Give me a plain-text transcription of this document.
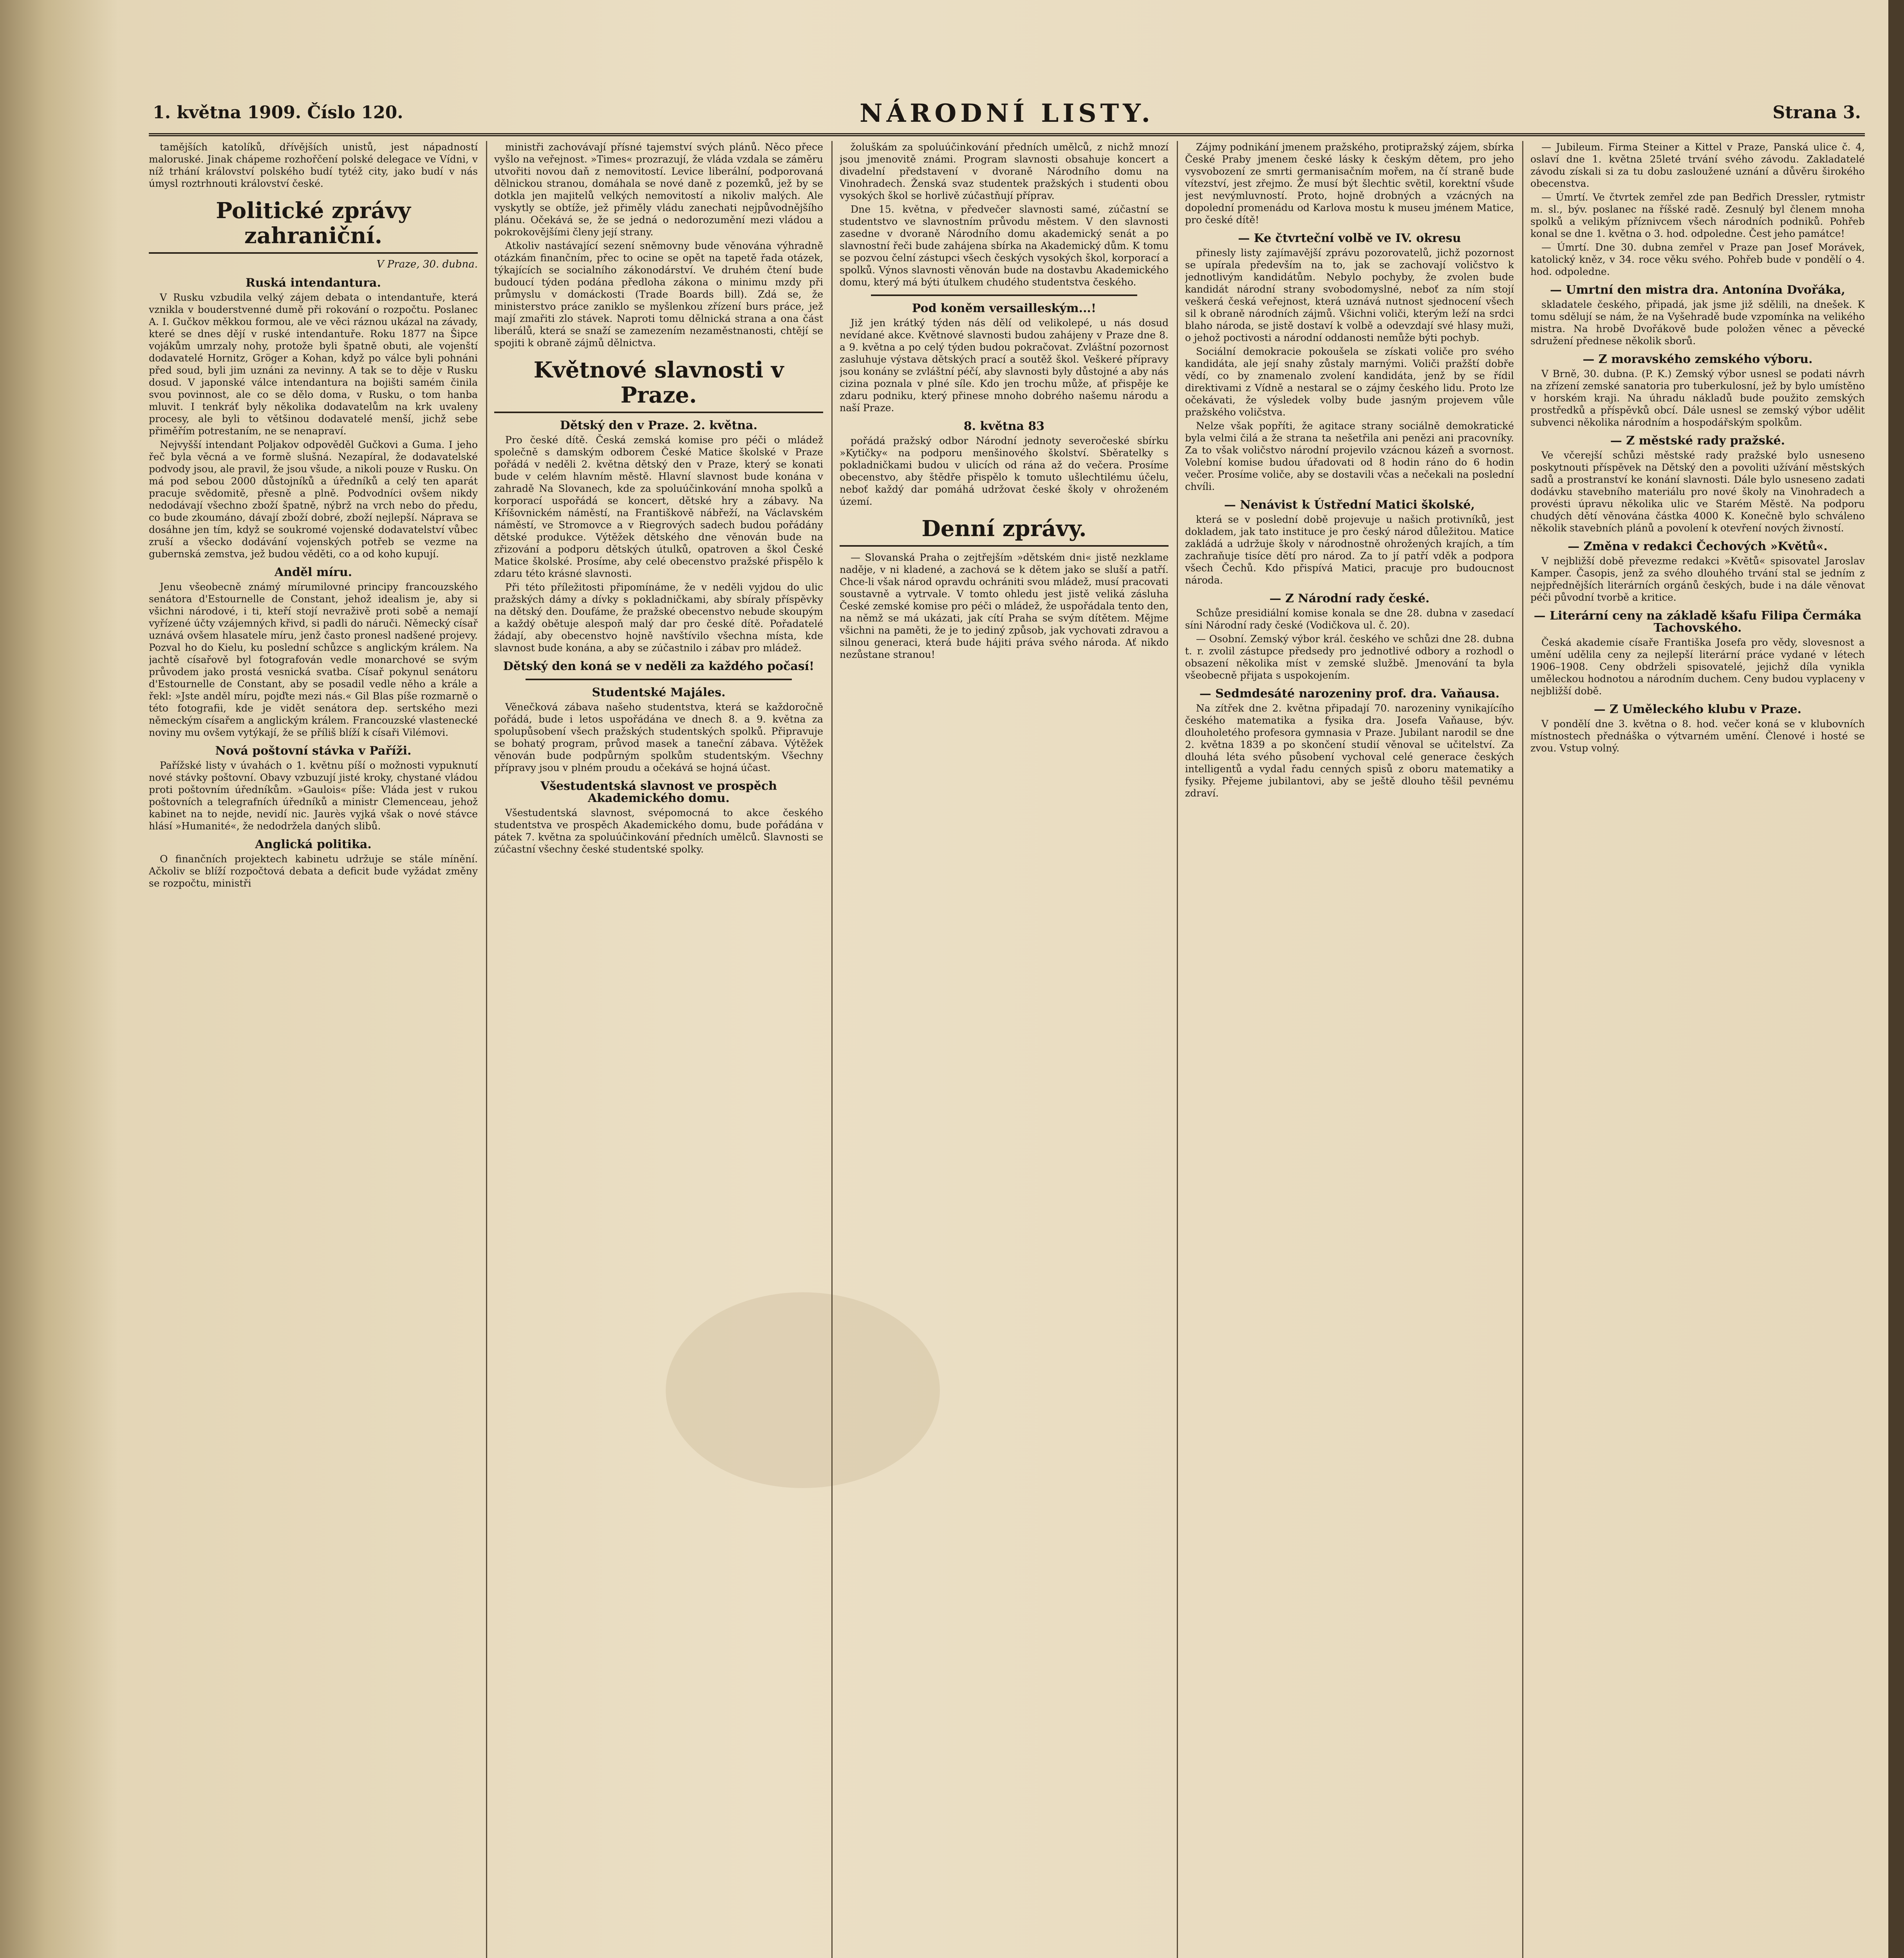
1. května 1909. Číslo 120.	NÁRODNÍ LISTY.	Strana 3.

tamějších katolíků, dřívějších unistů, jest nápadností maloruské. Jinak chápeme rozhořčení polské delegace ve Vídni, v níž trhání království polského budí tytéž city, jako budí v nás úmysl roztrhnouti království české.

Politické zprávy zahraniční.
V Praze, 30. dubna.
Ruská intendantura.

V Rusku vzbudila velký zájem debata o intendantuře, která vznikla v bouderstvenné dumě při rokování o rozpočtu. Poslanec A. I. Gučkov měkkou formou, ale ve věci ráznou ukázal na závady, které se dnes dějí v ruské intendantuře. Roku 1877 na Šipce vojákům umrzaly nohy, protože byli špatně obuti, ale vojenští dodavatelé Hornitz, Gröger a Kohan, když po válce byli pohnáni před soud, byli jim uznáni za nevinny. A tak se to děje v Rusku dosud. V japonské válce intendantura na bojišti samém činila svou povinnost, ale co se dělo doma, v Rusku, o tom hanba mluvit. I tenkráť byly několika dodavatelům na krk uvaleny procesy, ale byli to většinou dodavatelé menší, jichž sebe přiměřím potrestaním, ne se nenapraví.

Nejvyšší intendant Poljakov odpověděl Gučkovi a Guma. I jeho řeč byla věcná a ve formě slušná. Nezapíral, že dodavatelské podvody jsou, ale pravil, že jsou všude, a nikoli pouze v Rusku. On má pod sebou 2000 důstojníků a úředníků a celý ten aparát pracuje svědomitě, přesně a plně. Podvodníci ovšem nikdy nedodávají všechno zboží špatně, nýbrž na vrch nebo do předu, co bude zkoumáno, dávají zboží dobré, zboží nejlepší. Náprava se dosáhne jen tím, když se soukromé vojenské dodavatelství vůbec zruší a všecko dodávání vojenských potřeb se vezme na gubernská zemstva, jež budou věděti, co a od koho kupují.

Anděl míru.

Jenu všeobecně známý mírumilovné principy francouzského senátora d'Estournelle de Constant, jehož idealism je, aby si všichni národové, i ti, kteří stojí nevraživě proti sobě a nemají vyřízené účty vzájemných křivd, si padli do náruči. Německý císař uznává ovšem hlasatele míru, jenž často pronesl nadšené projevy. Pozval ho do Kielu, ku poslední schůzce s anglickým králem. Na jachtě císařově byl fotografován vedle monarchové se svým průvodem jako prostá vesnická svatba. Císař pokynul senátoru d'Estournelle de Constant, aby se posadil vedle něho a krále a řekl: »Jste anděl míru, pojďte mezi nás.« Gil Blas píše rozmarně o této fotografii, kde je vidět senátora dep. sertského mezi německým císařem a anglickým králem. Francouzské vlastenecké noviny mu ovšem vytýkají, že se příliš blíží k císaři Vilémovi.

Nová poštovní stávka v Paříži.

Pařížské listy v úvahách o 1. květnu píší o možnosti vypuknutí nové stávky poštovní. Obavy vzbuzují jisté kroky, chystané vládou proti poštovním úředníkům. »Gaulois« píše: Vláda jest v rukou poštovních a telegrafních úředníků a ministr Clemenceau, jehož kabinet na to nejde, nevidí nic. Jaurès vyjká však o nové stávce hlásí »Humanité«, že nedodržela daných slibů.

Anglická politika.

O finančních projektech kabinetu udržuje se stále mínění. Ačkoliv se blíží rozpočtová debata a deficit bude vyžádat změny se rozpočtu, ministři

ministři zachovávají přísné tajemství svých plánů. Něco přece vyšlo na veřejnost. »Times« prozrazují, že vláda vzdala se záměru utvořiti novou daň z nemovitostí. Levice liberální, podporovaná dělnickou stranou, domáhala se nové daně z pozemků, jež by se dotkla jen majitelů velkých nemovitostí a nikoliv malých. Ale vyskytly se obtíže, jež přiměly vládu zanechati nejpůvodnějšího plánu. Očekává se, že se jedná o nedorozumění mezi vládou a pokrokovějšími členy její strany.

Atkoliv nastávající sezení sněmovny bude věnována výhradně otázkám finančním, přec to ocine se opět na tapetě řada otázek, týkajících se socialního zákonodárství. Ve druhém čtení bude budoucí týden podána předloha zákona o minimu mzdy při průmyslu v domáckosti (Trade Boards bill). Zdá se, že ministerstvo práce zaniklo se myšlenkou zřízení burs práce, jež mají zmařiti zlo stávek. Naproti tomu dělnická strana a ona část liberálů, která se snaží se zamezením nezaměstnanosti, chtějí se spojiti k obraně zájmů dělnictva.

Květnové slavnosti v Praze.
Dětský den v Praze. 2. května.

Pro české dítě. Česká zemská komise pro péči o mládež společně s damským odborem České Matice školské v Praze pořádá v neděli 2. května dětský den v Praze, který se konati bude v celém hlavním městě. Hlavní slavnost bude konána v zahradě Na Slovanech, kde za spoluúčinkování mnoha spolků a korporací uspořádá se koncert, dětské hry a zábavy. Na Kříšovnickém náměstí, na Františkově nábřeží, na Václavském náměstí, ve Stromovce a v Riegrových sadech budou pořádány dětské produkce. Výtěžek dětského dne věnován bude na zřizování a podporu dětských útulků, opatroven a škol České Matice školské. Prosíme, aby celé obecenstvo pražské přispělo k zdaru této krásné slavnosti.

Při této příležitosti připomínáme, že v neděli vyjdou do ulic pražských dámy a dívky s pokladničkami, aby sbíraly příspěvky na dětský den. Doufáme, že pražské obecenstvo nebude skoupým a každý obětuje alespoň malý dar pro české dítě. Pořadatelé žádají, aby obecenstvo hojně navštívilo všechna místa, kde slavnost bude konána, a aby se zúčastnilo i zábav pro mládež.

Dětský den koná se v neděli za každého počasí!
Studentské Majáles.

Věnečková zábava našeho studentstva, která se každoročně pořádá, bude i letos uspořádána ve dnech 8. a 9. května za spolupůsobení všech pražských studentských spolků. Připravuje se bohatý program, průvod masek a taneční zábava. Výtěžek věnován bude podpůrným spolkům studentským. Všechny přípravy jsou v plném proudu a očekává se hojná účast.

Všestudentská slavnost ve prospěch Akademického domu.

Všestudentská slavnost, svépomocná to akce českého studentstva ve prospěch Akademického domu, bude pořádána v pátek 7. května za spoluúčinkování předních umělců. Slavnosti se zúčastní všechny české studentské spolky.

žoluškám za spoluúčinkování předních umělců, z nichž mnozí jsou jmenovitě známi. Program slavnosti obsahuje koncert a divadelní představení v dvoraně Národního domu na Vinohradech. Ženská svaz studentek pražských i studenti obou vysokých škol se horlivě zúčastňují příprav.

Dne 15. května, v předvečer slavnosti samé, zúčastní se studentstvo ve slavnostním průvodu městem. V den slavnosti zasedne v dvoraně Národního domu akademický senát a po slavnostní řeči bude zahájena sbírka na Akademický dům. K tomu se pozvou čelní zástupci všech českých vysokých škol, korporací a spolků. Výnos slavnosti věnován bude na dostavbu Akademického domu, který má býti útulkem chudého studentstva českého.

Pod koněm versailleským...!

Již jen krátký týden nás dělí od velikolepé, u nás dosud nevídané akce. Květnové slavnosti budou zahájeny v Praze dne 8. a 9. května a po celý týden budou pokračovat. Zvláštní pozornost zasluhuje výstava dětských prací a soutěž škol. Veškeré přípravy jsou konány se zvláštní péčí, aby slavnosti byly důstojné a aby nás cizina poznala v plné síle. Kdo jen trochu může, ať přispěje ke zdaru podniku, který přinese mnoho dobrého našemu národu a naší Praze.

8. května 83

pořádá pražský odbor Národní jednoty severočeské sbírku »Kytičky« na podporu menšinového školství. Sběratelky s pokladničkami budou v ulicích od rána až do večera. Prosíme obecenstvo, aby štědře přispělo k tomuto ušlechtilému účelu, neboť každý dar pomáhá udržovat české školy v ohroženém území.

Denní zprávy.

— Slovanská Praha o zejtřejším »dětském dni« jistě nezklame naděje, v ni kladené, a zachová se k dětem jako se sluší a patří. Chce-li však národ opravdu ochrániti svou mládež, musí pracovati soustavně a vytrvale. V tomto ohledu jest jistě veliká zásluha České zemské komise pro péči o mládež, že uspořádala tento den, na němž se má ukázati, jak cítí Praha se svým dítětem. Mějme všichni na paměti, že je to jediný způsob, jak vychovati zdravou a silnou generaci, která bude hájiti práva svého národa. Ať nikdo nezůstane stranou!

Zájmy podnikání jmenem pražského, protipražský zájem, sbírka České Praby jmenem české lásky k českým dětem, pro jeho vysvobození ze smrti germanisačním mořem, na čí straně bude vítezství, jest zřejmo. Že musí být šlechtic světil, korektní všude jest nevýmluvností. Proto, hojně drobných a vzácných na dopolední promenádu od Karlova mostu k museu jménem Matice, pro české dítě!

— Ke čtvrteční volbě ve IV. okresu

přinesly listy zajímavější zprávu pozorovatelů, jichž pozornost se upírala především na to, jak se zachovají voličstvo k jednotlivým kandidátům. Nebylo pochyby, že zvolen bude kandidát národní strany svobodomyslné, neboť za ním stojí veškerá česká veřejnost, která uznává nutnost sjednocení všech sil k obraně národních zájmů. Všichni voliči, kterým leží na srdci blaho národa, se jistě dostaví k volbě a odevzdají své hlasy muži, o jehož poctivosti a národní oddanosti nemůže býti pochyb.

Sociální demokracie pokoušela se získati voliče pro svého kandidáta, ale její snahy zůstaly marnými. Voliči pražští dobře vědí, co by znamenalo zvolení kandidáta, jenž by se řídil direktivami z Vídně a nestaral se o zájmy českého lidu. Proto lze očekávati, že výsledek volby bude jasným projevem vůle pražského voličstva.

Nelze však popříti, že agitace strany sociálně demokratické byla velmi čilá a že strana ta nešetřila ani penězi ani pracovníky. Za to však voličstvo národní projevilo vzácnou kázeň a svornost. Volební komise budou úřadovati od 8 hodin ráno do 6 hodin večer. Prosíme voliče, aby se dostavili včas a nečekali na poslední chvíli.

— Nenávist k Ústřední Matici školské,

která se v poslední době projevuje u našich protivníků, jest dokladem, jak tato instituce je pro český národ důležitou. Matice zakládá a udržuje školy v národnostně ohrožených krajích, a tím zachraňuje tisíce dětí pro národ. Za to jí patří vděk a podpora všech Čechů. Kdo přispívá Matici, pracuje pro budoucnost národa.

— Z Národní rady české.

Schůze presidiální komise konala se dne 28. dubna v zasedací síni Národní rady české (Vodičkova ul. č. 20).

— Osobní. Zemský výbor král. českého ve schůzi dne 28. dubna t. r. zvolil zástupce předsedy pro jednotlivé odbory a rozhodl o obsazení několika míst v zemské službě. Jmenování ta byla všeobecně přijata s uspokojením.

— Sedmdesáté narozeniny prof. dra. Vaňausa.

Na zítřek dne 2. května připadají 70. narozeniny vynikajícího českého matematika a fysika dra. Josefa Vaňause, býv. dlouholetého profesora gymnasia v Praze. Jubilant narodil se dne 2. května 1839 a po skončení studií věnoval se učitelství. Za dlouhá léta svého působení vychoval celé generace českých intelligentů a vydal řadu cenných spisů z oboru matematiky a fysiky. Přejeme jubilantovi, aby se ještě dlouho těšil pevnému zdraví.

— Jubileum. Firma Steiner a Kittel v Praze, Panská ulice č. 4, oslaví dne 1. května 25leté trvání svého závodu. Zakladatelé závodu získali si za tu dobu zasloužené uznání a důvěru širokého obecenstva.

— Úmrtí. Ve čtvrtek zemřel zde pan Bedřich Dressler, rytmistr m. sl., býv. poslanec na říšské radě. Zesnulý byl členem mnoha spolků a velikým příznivcem všech národních podniků. Pohřeb konal se dne 1. května o 3. hod. odpoledne. Čest jeho památce!

— Úmrtí. Dne 30. dubna zemřel v Praze pan Josef Morávek, katolický kněz, v 34. roce věku svého. Pohřeb bude v pondělí o 4. hod. odpoledne.

— Umrtní den mistra dra. Antonína Dvořáka,

skladatele českého, připadá, jak jsme již sdělili, na dnešek. K tomu sdělují se nám, že na Vyšehradě bude vzpomínka na velikého mistra. Na hrobě Dvořákově bude položen věnec a pěvecké sdružení přednese několik sborů.

— Z moravského zemského výboru.

V Brně, 30. dubna. (P. K.) Zemský výbor usnesl se podati návrh na zřízení zemské sanatoria pro tuberkulosní, jež by bylo umístěno v horském kraji. Na úhradu nákladů bude použito zemských prostředků a příspěvků obcí. Dále usnesl se zemský výbor udělit subvenci několika národním a hospodářským spolkům.

— Z městské rady pražské.

Ve včerejší schůzi městské rady pražské bylo usneseno poskytnouti příspěvek na Dětský den a povoliti užívání městských sadů a prostranství ke konání slavnosti. Dále bylo usneseno zadati dodávku stavebního materiálu pro nové školy na Vinohradech a provésti úpravu několika ulic ve Starém Městě. Na podporu chudých dětí věnována částka 4000 K. Konečně bylo schváleno několik stavebních plánů a povolení k otevření nových živností.

— Změna v redakci Čechových »Květů«.

V nejbližší době převezme redakci »Květů« spisovatel Jaroslav Kamper. Časopis, jenž za svého dlouhého trvání stal se jedním z nejpřednějších literárních orgánů českých, bude i na dále věnovat péči původní tvorbě a kritice.

— Literární ceny na základě kšafu Filipa Čermáka Tachovského.

Česká akademie císaře Františka Josefa pro vědy, slovesnost a umění udělila ceny za nejlepší literární práce vydané v létech 1906–1908. Ceny obdrželi spisovatelé, jejichž díla vynikla uměleckou hodnotou a národním duchem. Ceny budou vyplaceny v nejbližší době.

— Z Uměleckého klubu v Praze.

V pondělí dne 3. května o 8. hod. večer koná se v klubovních místnostech přednáška o výtvarném umění. Členové i hosté se zvou. Vstup volný.
